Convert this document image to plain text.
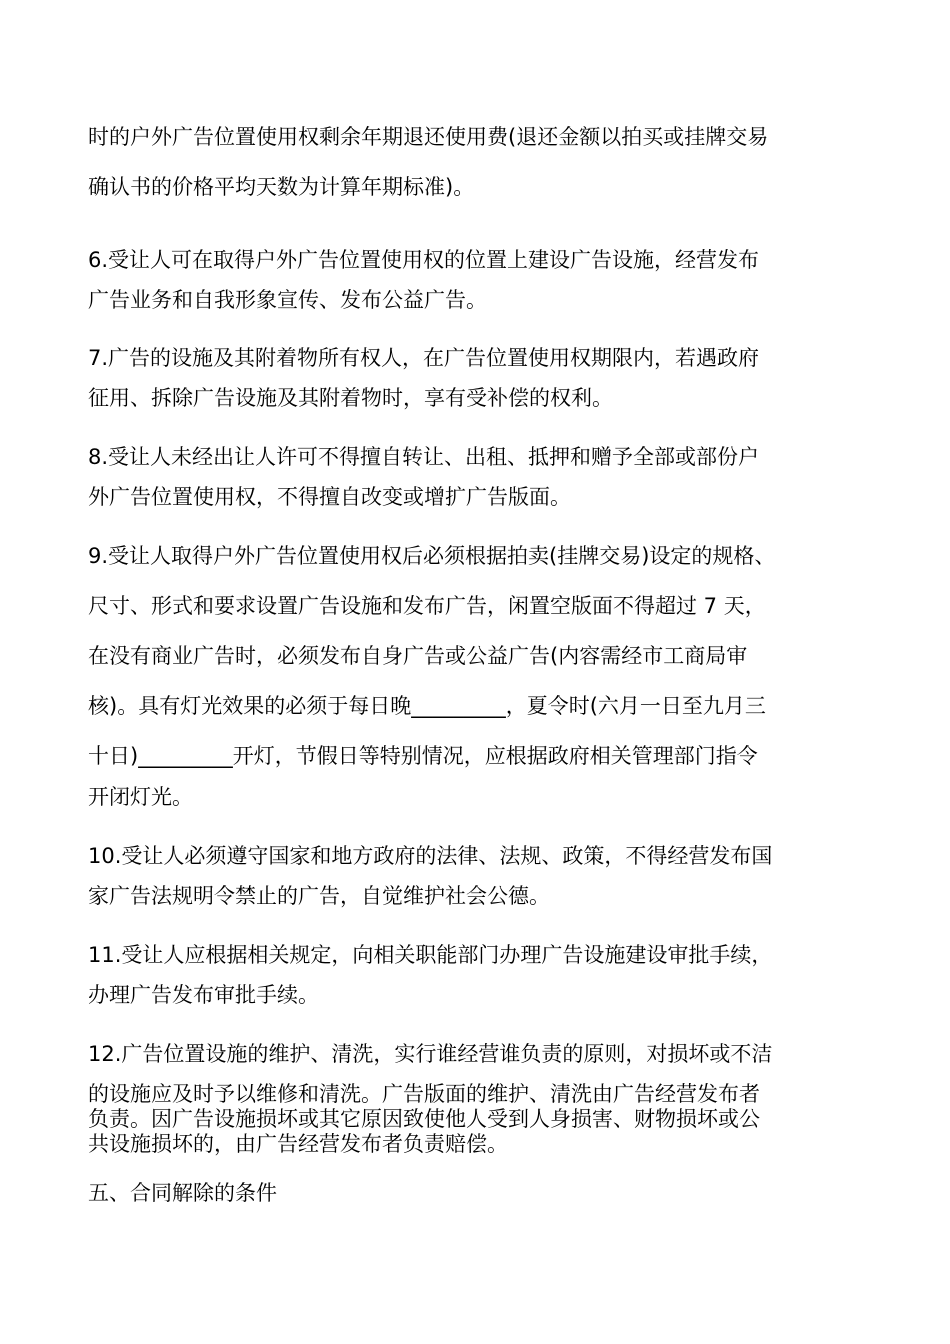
时的户外广告位置使用权剩余年期退还使用费(退还金额以拍买或挂牌交易

确认书的价格平均天数为计算年期标准)。

6.受让人可在取得户外广告位置使用权的位置上建设广告设施，经营发布

广告业务和自我形象宣传、发布公益广告。

7.广告的设施及其附着物所有权人，在广告位置使用权期限内，若遇政府

征用、拆除广告设施及其附着物时，享有受补偿的权利。

8.受让人未经出让人许可不得擅自转让、出租、抵押和赠予全部或部份户

外广告位置使用权，不得擅自改变或增扩广告版面。

9.受让人取得户外广告位置使用权后必须根据拍卖(挂牌交易)设定的规格、

尺寸、形式和要求设置广告设施和发布广告，闲置空版面不得超过 7 天，

在没有商业广告时，必须发布自身广告或公益广告(内容需经市工商局审

核)。具有灯光效果的必须于每日晚_________，夏令时(六月一日至九月三

十日)_________开灯，节假日等特别情况，应根据政府相关管理部门指令

开闭灯光。

10.受让人必须遵守国家和地方政府的法律、法规、政策，不得经营发布国

家广告法规明令禁止的广告，自觉维护社会公德。

11.受让人应根据相关规定，向相关职能部门办理广告设施建设审批手续，

办理广告发布审批手续。

12.广告位置设施的维护、清洗，实行谁经营谁负责的原则，对损坏或不洁

的设施应及时予以维修和清洗。广告版面的维护、清洗由广告经营发布者

负责。因广告设施损坏或其它原因致使他人受到人身损害、财物损坏或公

共设施损坏的，由广告经营发布者负责赔偿。

五、合同解除的条件
